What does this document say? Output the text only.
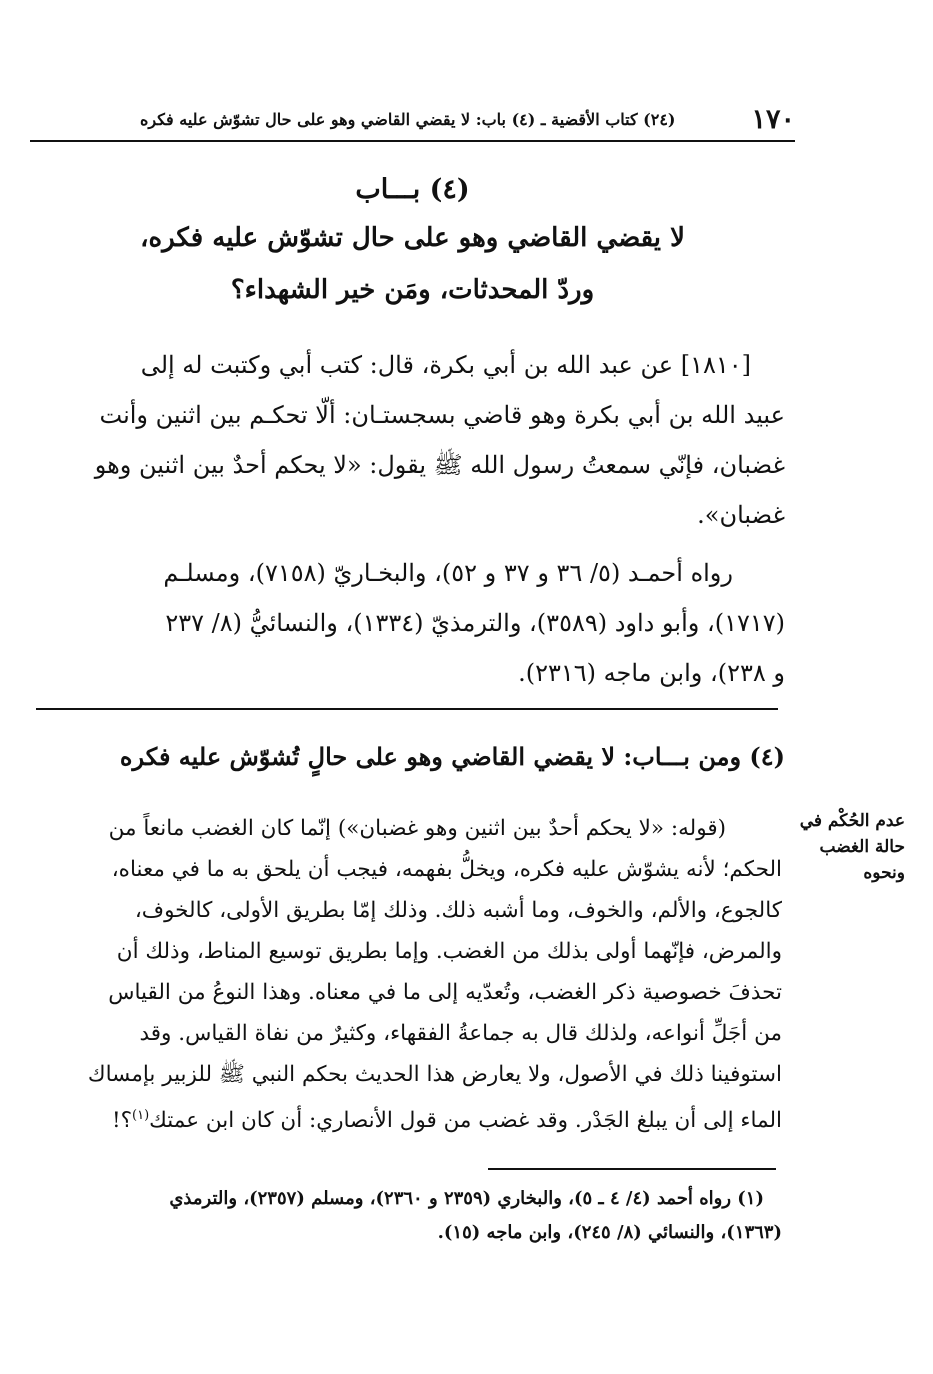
١٧٠
(٢٤) كتاب الأقضية ـ (٤) باب: لا يقضي القاضي وهو على حال تشوّش عليه فكره
(٤) بـــاب
لا يقضي القاضي وهو على حال تشوّش عليه فكره،
وردّ المحدثات، ومَن خير الشهداء؟
[١٨١٠] عن عبد الله بن أبي بكرة، قال: كتب أبي وكتبت له إلى
عبيد الله بن أبي بكرة وهو قاضي بسجستـان: ألّا تحكـم بين اثنين وأنت
غضبان، فإنّي سمعتُ رسول الله ﷺ يقول: «لا يحكم أحدٌ بين اثنين وهو
غضبان».
رواه أحمـد (٥/ ٣٦ و ٣٧ و ٥٢)، والبخـاريّ (٧١٥٨)، ومسلـم
(١٧١٧)، وأبو داود (٣٥٨٩)، والترمذيّ (١٣٣٤)، والنسائيُّ (٨/ ٢٣٧
و ٢٣٨)، وابن ماجه (٢٣١٦).
(٤) ومن بـــاب: لا يقضي القاضي وهو على حالٍ تُشوّش عليه فكره
عدم الحُكْم في
حالة الغضب
ونحوه
(قوله: «لا يحكم أحدٌ بين اثنين وهو غضبان») إنّما كان الغضب مانعاً من
الحكم؛ لأنه يشوّش عليه فكره، ويخلُّ بفهمه، فيجب أن يلحق به ما في معناه،
كالجوع، والألم، والخوف، وما أشبه ذلك. وذلك إمّا بطريق الأولى، كالخوف،
والمرض، فإنّهما أولى بذلك من الغضب. وإما بطريق توسيع المناط، وذلك أن
تحذفَ خصوصية ذكر الغضب، وتُعدّيه إلى ما في معناه. وهذا النوعُ من القياس
من أجَلِّ أنواعه، ولذلك قال به جماعةُ الفقهاء، وكثيرٌ من نفاة القياس. وقد
استوفينا ذلك في الأصول، ولا يعارض هذا الحديث بحكم النبي ﷺ للزبير بإمساك
الماء إلى أن يبلغ الجَدْر. وقد غضب من قول الأنصاري: أن كان ابن عمتك$^{(١)}$؟!
(١) رواه أحمد (٤/ ٤ ـ ٥)، والبخاري (٢٣٥٩ و ٢٣٦٠)، ومسلم (٢٣٥٧)، والترمذي
(١٣٦٣)، والنسائي (٨/ ٢٤٥)، وابن ماجه (١٥).
